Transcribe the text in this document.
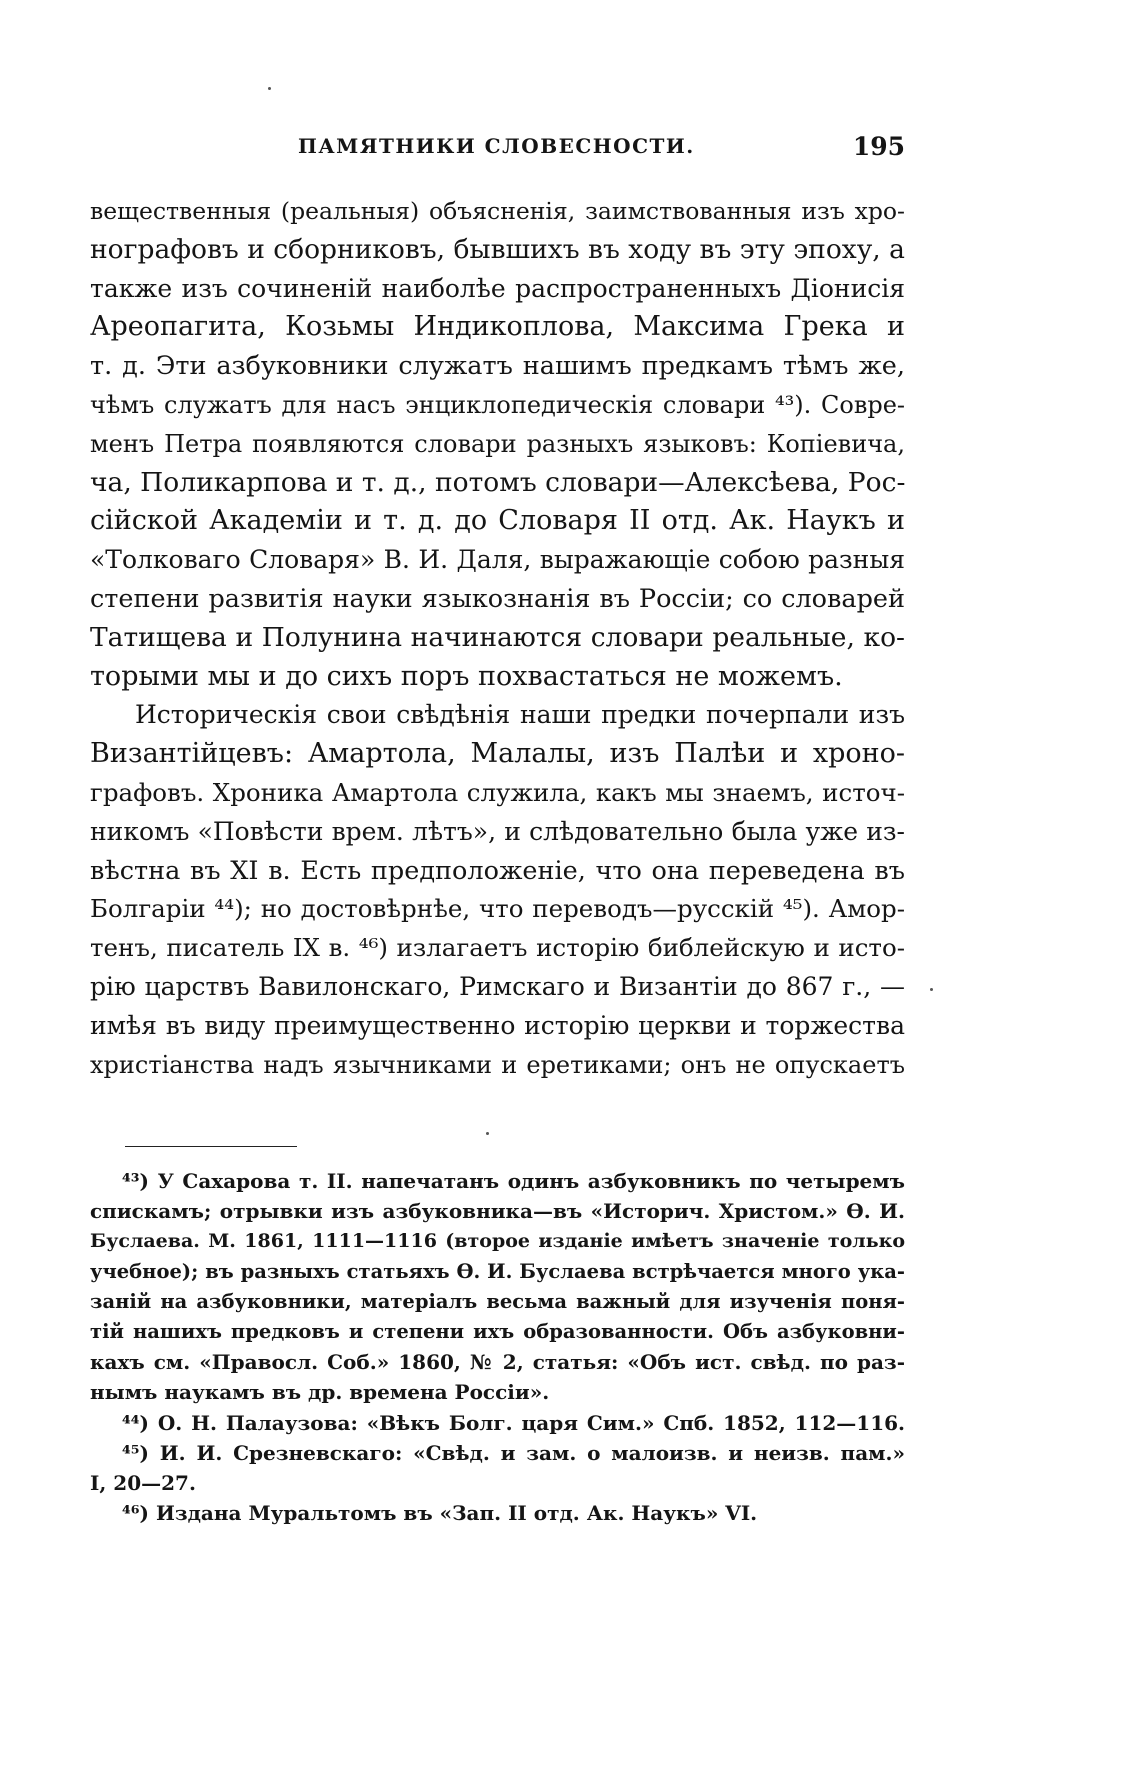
ПАМЯТНИКИ СЛОВЕСНОСТИ.	195
вещественныя (реальныя) объясненія, заимствованныя изъ хро-
нографовъ и сборниковъ, бывшихъ въ ходу въ эту эпоху, а
также изъ сочиненій наиболѣе распространенныхъ Діонисія
Ареопагита, Козьмы Индикоплова, Максима Грека и
т. д. Эти азбуковники служатъ нашимъ предкамъ тѣмъ же,
чѣмъ служатъ для насъ энциклопедическія словари ⁴³). Совре-
менъ Петра появляются словари разныхъ языковъ: Копіевича,
ча, Поликарпова и т. д., потомъ словари—Алексѣева, Рос-
сійской Академіи и т. д. до Словаря II отд. Ак. Наукъ и
«Толковаго Словаря» В. И. Даля, выражающіе собою разныя
степени развитія науки языкознанія въ Россіи; со словарей
Татищева и Полунина начинаются словари реальные, ко-
торыми мы и до сихъ поръ похвастаться не можемъ.
Историческія свои свѣдѣнія наши предки почерпали изъ
Византійцевъ: Амартола, Малалы, изъ Палѣи и хроно-
графовъ. Хроника Амартола служила, какъ мы знаемъ, источ-
никомъ «Повѣсти врем. лѣтъ», и слѣдовательно была уже из-
вѣстна въ XI в. Есть предположеніе, что она переведена въ
Болгаріи ⁴⁴); но достовѣрнѣе, что переводъ—русскій ⁴⁵). Амор-
тенъ, писатель IX в. ⁴⁶) излагаетъ исторію библейскую и исто-
рію царствъ Вавилонскаго, Римскаго и Византіи до 867 г., —
имѣя въ виду преимущественно исторію церкви и торжества
христіанства надъ язычниками и еретиками; онъ не опускаетъ
⁴³) У Сахарова т. II. напечатанъ одинъ азбуковникъ по четыремъ
спискамъ; отрывки изъ азбуковника—въ «Историч. Христом.» Ѳ. И.
Буслаева. М. 1861, 1111—1116 (второе изданіе имѣетъ значеніе только
учебное); въ разныхъ статьяхъ Ѳ. И. Буслаева встрѣчается много ука-
заній на азбуковники, матеріалъ весьма важный для изученія поня-
тій нашихъ предковъ и степени ихъ образованности. Объ азбуковни-
кахъ см. «Правосл. Соб.» 1860, № 2, статья: «Объ ист. свѣд. по раз-
нымъ наукамъ въ др. времена Россіи».
⁴⁴) О. Н. Палаузова: «Вѣкъ Болг. царя Сим.» Спб. 1852, 112—116.
⁴⁵) И. И. Срезневскаго: «Свѣд. и зам. о малоизв. и неизв. пам.»
I, 20—27.
⁴⁶) Издана Муральтомъ въ «Зап. II отд. Ак. Наукъ» VI.
